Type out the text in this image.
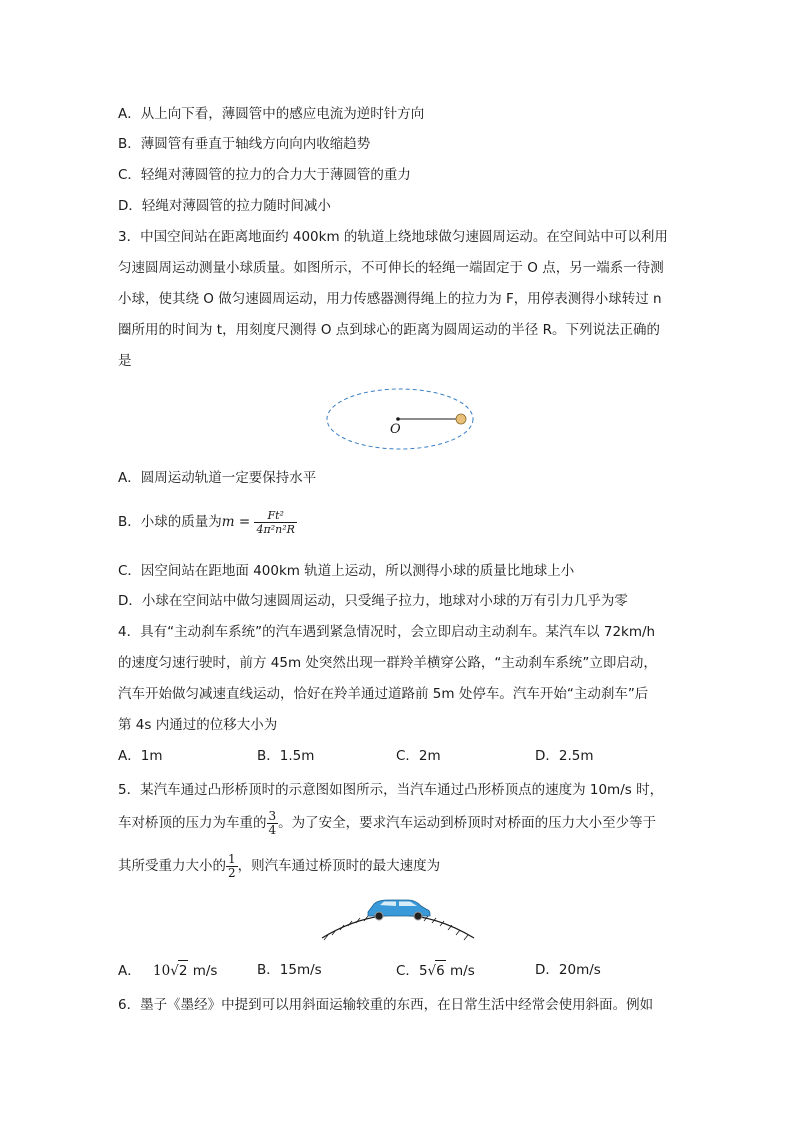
A．从上向下看，薄圆管中的感应电流为逆时针方向
B．薄圆管有垂直于轴线方向向内收缩趋势
C．轻绳对薄圆管的拉力的合力大于薄圆管的重力
D．轻绳对薄圆管的拉力随时间减小
3．中国空间站在距离地面约 400km 的轨道上绕地球做匀速圆周运动。在空间站中可以利用
匀速圆周运动测量小球质量。如图所示，不可伸长的轻绳一端固定于 O 点，另一端系一待测
小球，使其绕 O 做匀速圆周运动，用力传感器测得绳上的拉力为 F，用停表测得小球转过 n
圈所用的时间为 t，用刻度尺测得 O 点到球心的距离为圆周运动的半径 R。下列说法正确的
是
O
A．圆周运动轨道一定要保持水平
B．小球的质量为$m = \frac{\text{Ft²}}{\text{4π²n²R}}$
C．因空间站在距地面 400km 轨道上运动，所以测得小球的质量比地球上小
D．小球在空间站中做匀速圆周运动，只受绳子拉力，地球对小球的万有引力几乎为零
4．具有“主动刹车系统”的汽车遇到紧急情况时，会立即启动主动刹车。某汽车以 72km/h
的速度匀速行驶时，前方 45m 处突然出现一群羚羊横穿公路，“主动刹车系统”立即启动，
汽车开始做匀减速直线运动，恰好在羚羊通过道路前 5m 处停车。汽车开始“主动刹车”后
第 4s 内通过的位移大小为
A．1m	B．1.5m	C．2m	D．2.5m
5．某汽车通过凸形桥顶时的示意图如图所示，当汽车通过凸形桥顶点的速度为 10m/s 时，
车对桥顶的压力为车重的 $\frac{3}{4}$ 。为了安全，要求汽车运动到桥顶时对桥面的压力大小至少等于
其所受重力大小的 $\frac{1}{2}$ ，则汽车通过桥顶时的最大速度为
A． 10√2 m/s	B．15m/s	C．5√6 m/s	D．20m/s
6．墨子《墨经》中提到可以用斜面运输较重的东西，在日常生活中经常会使用斜面。例如
